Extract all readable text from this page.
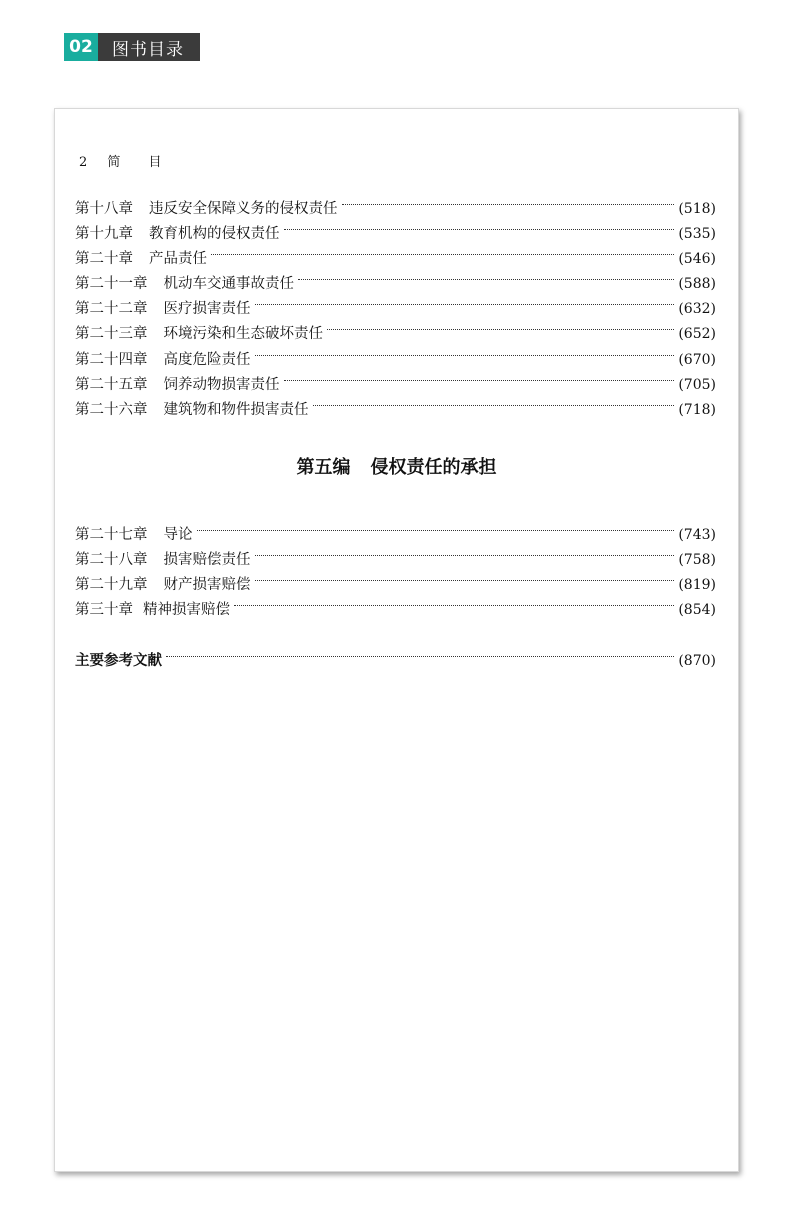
02	图书目录
2 简 目
第十八章 违反安全保障义务的侵权责任	(518)
第十九章 教育机构的侵权责任	(535)
第二十章 产品责任	(546)
第二十一章 机动车交通事故责任	(588)
第二十二章 医疗损害责任	(632)
第二十三章 环境污染和生态破坏责任	(652)
第二十四章 高度危险责任	(670)
第二十五章 饲养动物损害责任	(705)
第二十六章 建筑物和物件损害责任	(718)
第五编 侵权责任的承担
第二十七章 导论	(743)
第二十八章 损害赔偿责任	(758)
第二十九章 财产损害赔偿	(819)
第三十章 精神损害赔偿	(854)
主要参考文献	(870)
